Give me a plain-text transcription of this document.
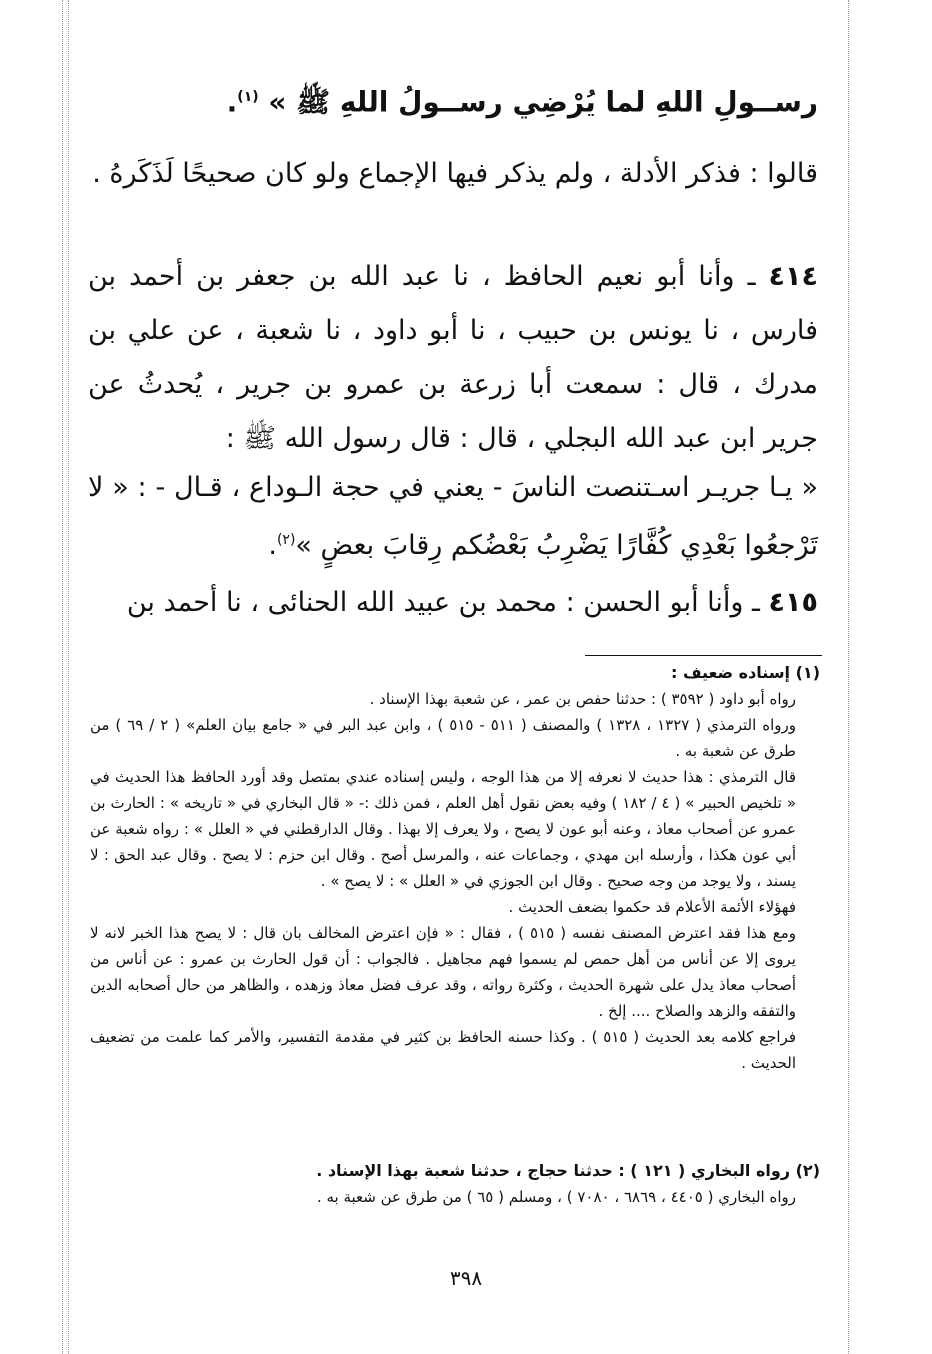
رســولِ اللهِ لما يُرْضِي رســولُ اللهِ ﷺ » $^{(١)}$.
قالوا : فذكر الأدلة ، ولم يذكر فيها الإجماع ولو كان صحيحًا لَذَكَرهُ .
٤١٤ ـ وأنا أبو نعيم الحافظ ، نا عبد الله بن جعفر بن أحمد بن فارس ، نا يونس بن حبيب ، نا أبو داود ، نا شعبة ، عن علي بن مدرك ، قال : سمعت أبا زرعة بن عمرو بن جرير ، يُحدثُ عن جرير ابن عبد الله البجلي ، قال : قال رسول الله ﷺ :
« يـا جريـر اسـتنصت الناسَ - يعني في حجة الـوداع ، قـال - : « لا تَرْجعُوا بَعْدِي كُفَّارًا يَضْرِبُ بَعْضُكم رِقابَ بعضٍ »$^{(٢)}$.
٤١٥ ـ وأنا أبو الحسن : محمد بن عبيد الله الحنائى ، نا أحمد بن
(١) إسناده ضعيف :
رواه أبو داود ( ٣٥٩٢ ) : حدثنا حفص بن عمر ، عن شعبة بهذا الإسناد .
ورواه الترمذي ( ١٣٢٧ ، ١٣٢٨ ) والمصنف ( ٥١١ - ٥١٥ ) ، وابن عبد البر في « جامع بيان العلم» ( ٢ / ٦٩ ) من طرق عن شعبة به .
قال الترمذي : هذا حديث لا نعرفه إلا من هذا الوجه ، وليس إسناده عندي بمتصل وقد أورد الحافظ هذا الحديث في « تلخيص الحبير » ( ٤ / ١٨٢ ) وفيه بعض نقول أهل العلم ، فمن ذلك :- « قال البخاري في « تاريخه » : الحارث بن عمرو عن أصحاب معاذ ، وعنه أبو عون لا يصح ، ولا يعرف إلا بهذا . وقال الدارقطني في « العلل » : رواه شعبة عن أبي عون هكذا ، وأرسله ابن مهدي ، وجماعات عنه ، والمرسل أصح . وقال ابن حزم : لا يصح . وقال عبد الحق : لا يسند ، ولا يوجد من وجه صحيح . وقال ابن الجوزي في « العلل » : لا يصح » .
فهؤلاء الأئمة الأعلام قد حكموا بضعف الحديث .
ومع هذا فقد اعترض المصنف نفسه ( ٥١٥ ) ، فقال : « فإن اعترض المخالف بان قال : لا يصح هذا الخبر لانه لا يروى إلا عن أناس من أهل حمص لم يسموا فهم مجاهيل . فالجواب : أن قول الحارث بن عمرو : عن أناس من أصحاب معاذ يدل على شهرة الحديث ، وكثرة رواته ، وقد عرف فضل معاذ وزهده ، والظاهر من حال أصحابه الدين والتفقه والزهد والصلاح .... إلخ .
فراجع كلامه بعد الحديث ( ٥١٥ ) . وكذا حسنه الحافظ بن كثير في مقدمة التفسير، والأمر كما علمت من تضعيف الحديث .
(٢) رواه البخاري ( ١٢١ ) : حدثنا حجاج ، حدثنا شعبة بهذا الإسناد .
رواه البخاري ( ٤٤٠٥ ، ٦٨٦٩ ، ٧٠٨٠ ) ، ومسلم ( ٦٥ ) من طرق عن شعبة به .
٣٩٨
